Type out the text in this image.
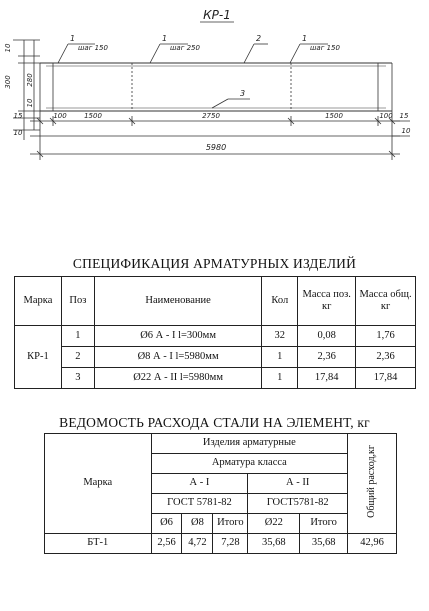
КР-1
1
шаг 150
1
шаг 250
2	1
шаг 150
3
10
280
300
10
15
10
100 1500	2750	1500	100 15
10
5980
СПЕЦИФИКАЦИЯ АРМАТУРНЫХ ИЗДЕЛИЙ
Марка	Поз	Наименование	Кол	Масса поз. кг	Масса общ. кг
КР-1	1	Ø6 А - I l=300мм	32	0,08	1,76
	2	Ø8 А - I l=5980мм	1	2,36	2,36
	3	Ø22 А - II l=5980мм	1	17,84	17,84
ВЕДОМОСТЬ РАСХОДА СТАЛИ НА ЭЛЕМЕНТ, кг
Марка	Изделия арматурные					Общий расход,кг
	Арматура класса					
	А - I			А - II		
	ГОСТ 5781-82			ГОСТ5781-82		
	Ø6	Ø8	Итого	Ø22	Итого	
БТ-1	2,56	4,72	7,28	35,68	35,68	42,96
